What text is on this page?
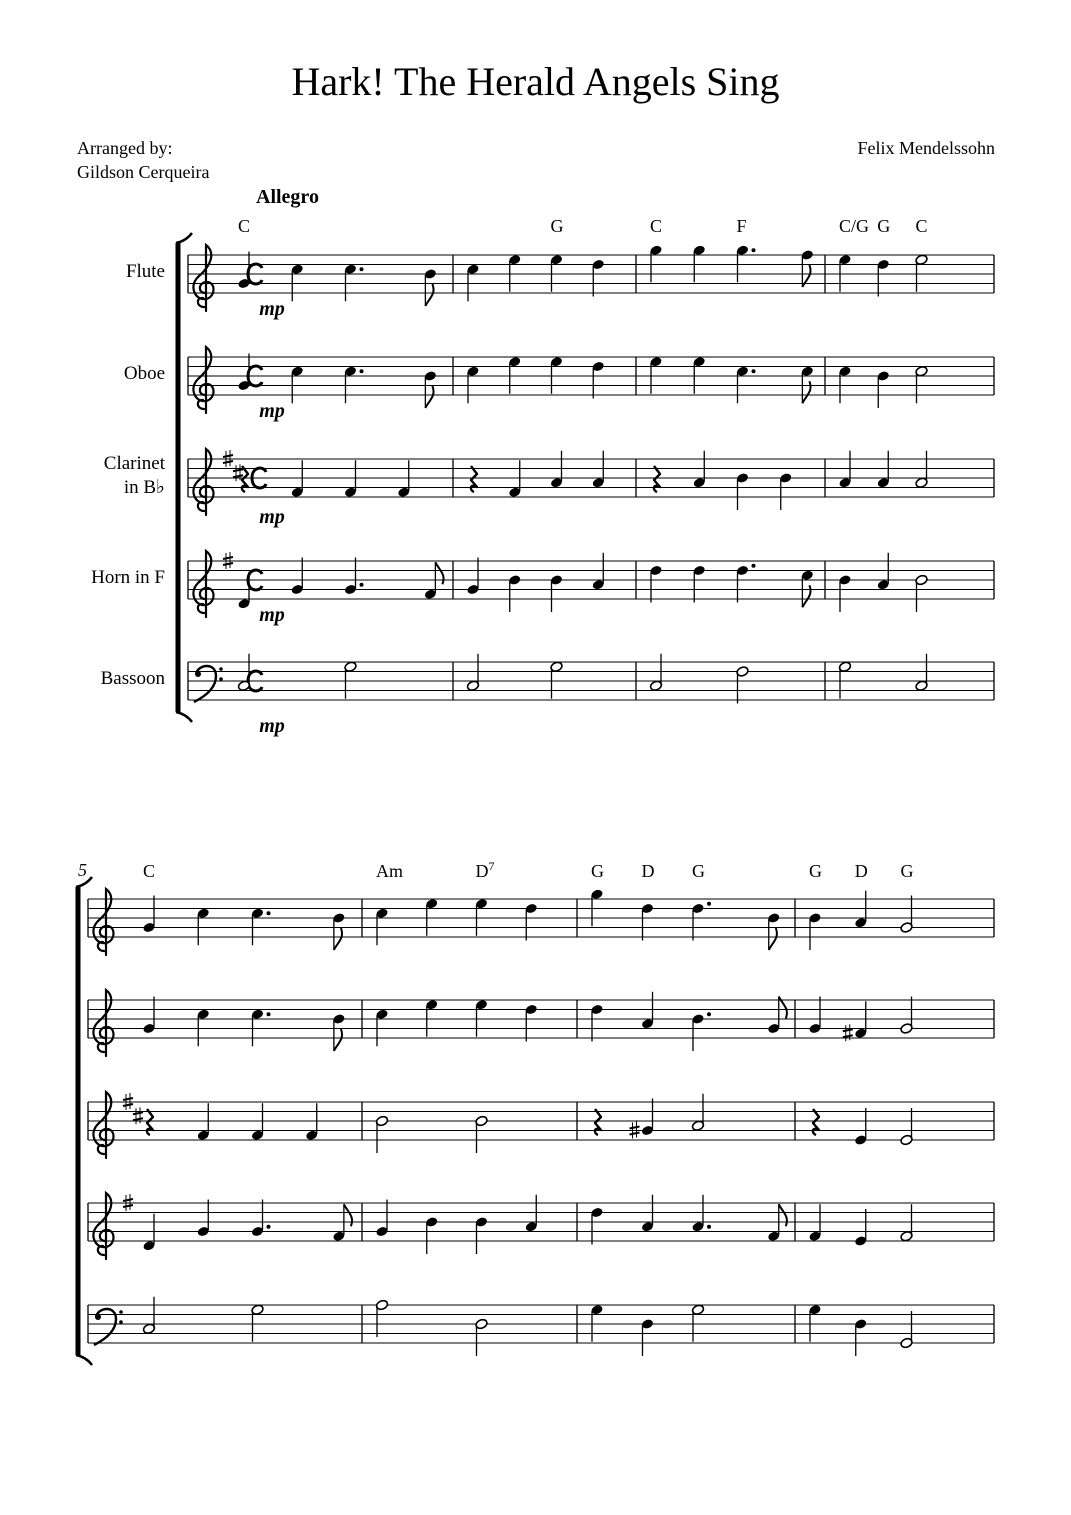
Hark! The Herald Angels Sing
Arranged by:
Gildson Cerqueira
Felix Mendelssohn
Allegro
Flute
mp
Oboe
mp
Clarinet
in B♭
mp
Horn in F
mp
Bassoon
mp
C	G	C	F	C/G G C
5	C	Am	$D^7$	G D G	G D G
